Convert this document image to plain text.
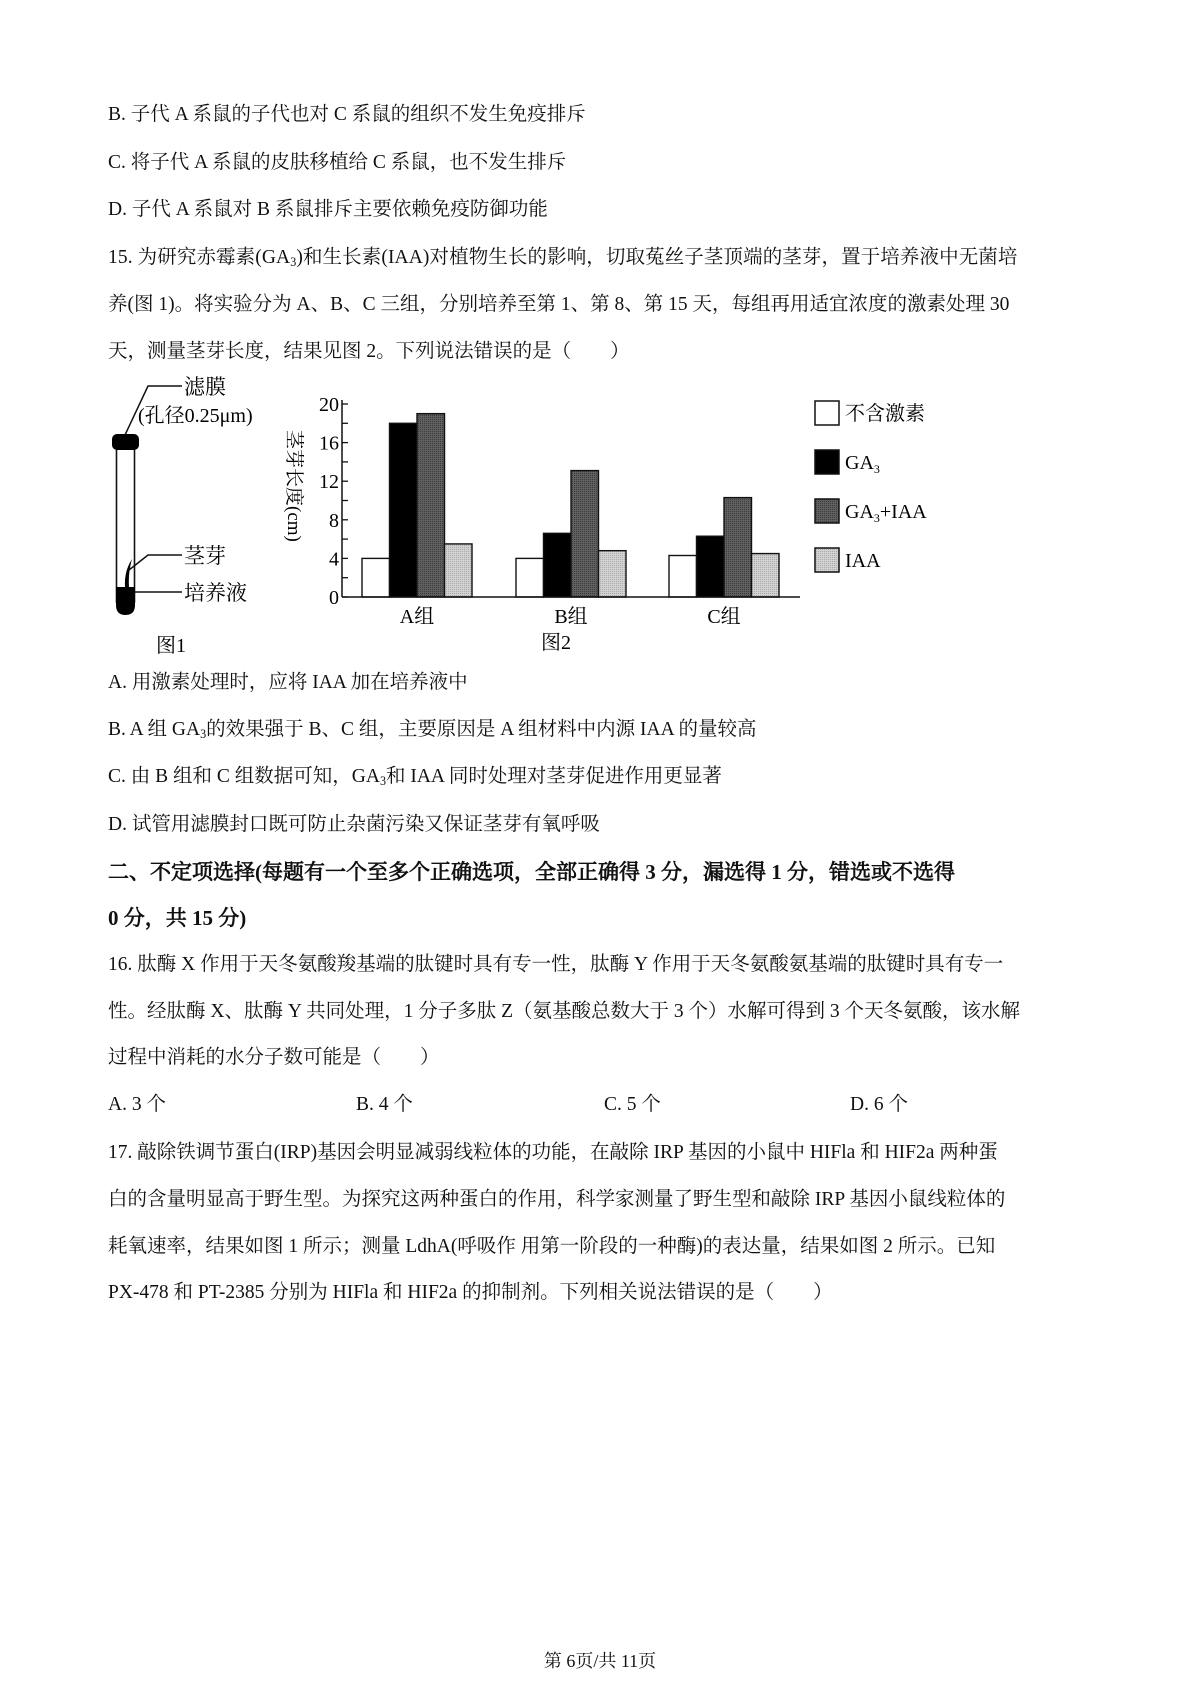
B. 子代 A 系鼠的子代也对 C 系鼠的组织不发生免疫排斥
C. 将子代 A 系鼠的皮肤移植给 C 系鼠，也不发生排斥
D. 子代 A 系鼠对 B 系鼠排斥主要依赖免疫防御功能
15. 为研究赤霉素$(GA_3)$和生长素(IAA)对植物生长的影响，切取菟丝子茎顶端的茎芽，置于培养液中无菌培
养(图 1)。将实验分为 A、B、C 三组，分别培养至第 1、第 8、第 15 天，每组再用适宜浓度的激素处理 30
天，测量茎芽长度，结果见图 2。下列说法错误的是（　　）
滤膜
(孔径0.25μm)
茎芽
培养液
图1
0
4
8
12
16
20
茎芽长度(cm)
A组	B组	C组
图2
不含激素
$GA_3$
$GA_3+IAA$
IAA
A. 用激素处理时，应将 IAA 加在培养液中
B. A 组 $GA_3$的效果强于 B、C 组，主要原因是 A 组材料中内源 IAA 的量较高
C. 由 B 组和 C 组数据可知，$GA_3$和 IAA 同时处理对茎芽促进作用更显著
D. 试管用滤膜封口既可防止杂菌污染又保证茎芽有氧呼吸
二、不定项选择(每题有一个至多个正确选项，全部正确得 3 分，漏选得 1 分，错选或不选得
0 分，共 15 分)
16. 肽酶 X 作用于天冬氨酸羧基端的肽键时具有专一性，肽酶 Y 作用于天冬氨酸氨基端的肽键时具有专一
性。经肽酶 X、肽酶 Y 共同处理，1 分子多肽 Z（氨基酸总数大于 3 个）水解可得到 3 个天冬氨酸，该水解
过程中消耗的水分子数可能是（　　）
A. 3 个	B. 4 个	C. 5 个	D. 6 个
17. 敲除铁调节蛋白(IRP)基因会明显减弱线粒体的功能，在敲除 IRP 基因的小鼠中 HIFla 和 HIF2a 两种蛋
白的含量明显高于野生型。为探究这两种蛋白的作用，科学家测量了野生型和敲除 IRP 基因小鼠线粒体的
耗氧速率，结果如图 1 所示；测量 LdhA(呼吸作 用第一阶段的一种酶)的表达量，结果如图 2 所示。已知
PX-478 和 PT-2385 分别为 HIFla 和 HIF2a 的抑制剂。下列相关说法错误的是（　　）
第 6页/共 11页
